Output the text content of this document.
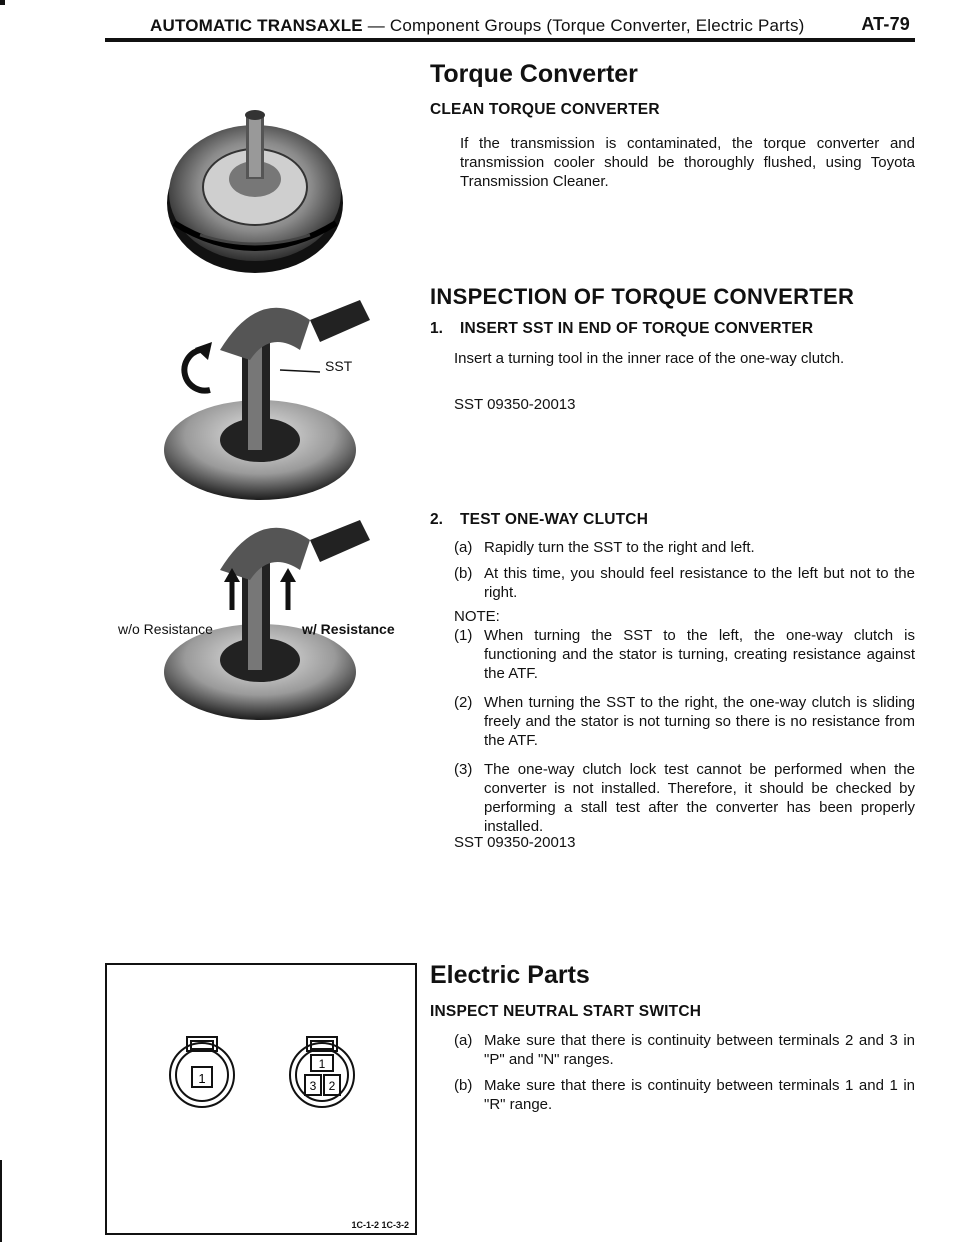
AUTOMATIC TRANSAXLE — Component Groups (Torque Converter, Electric Parts)	AT-79
SST
w/o Resistance	w/ Resistance
1
1
3 2
1C-1-2 1C-3-2
Torque Converter
CLEAN TORQUE CONVERTER
If the transmission is contaminated, the torque converter and transmission cooler should be thoroughly flushed, using Toyota Transmission Cleaner.
INSPECTION OF TORQUE CONVERTER
1. INSERT SST IN END OF TORQUE CONVERTER
Insert a turning tool in the inner race of the one-way clutch.
SST 09350-20013
2. TEST ONE-WAY CLUTCH
(a) Rapidly turn the SST to the right and left.
(b) At this time, you should feel resistance to the left but not to the right.
NOTE:
(1) When turning the SST to the left, the one-way clutch is functioning and the stator is turning, creating resistance against the ATF.
(2) When turning the SST to the right, the one-way clutch is sliding freely and the stator is not turning so there is no resistance from the ATF.
(3) The one-way clutch lock test cannot be performed when the converter is not installed. Therefore, it should be checked by performing a stall test after the converter has been properly installed.
SST 09350-20013
Electric Parts
INSPECT NEUTRAL START SWITCH
(a) Make sure that there is continuity between terminals 2 and 3 in "P" and "N" ranges.
(b) Make sure that there is continuity between terminals 1 and 1 in "R" range.
